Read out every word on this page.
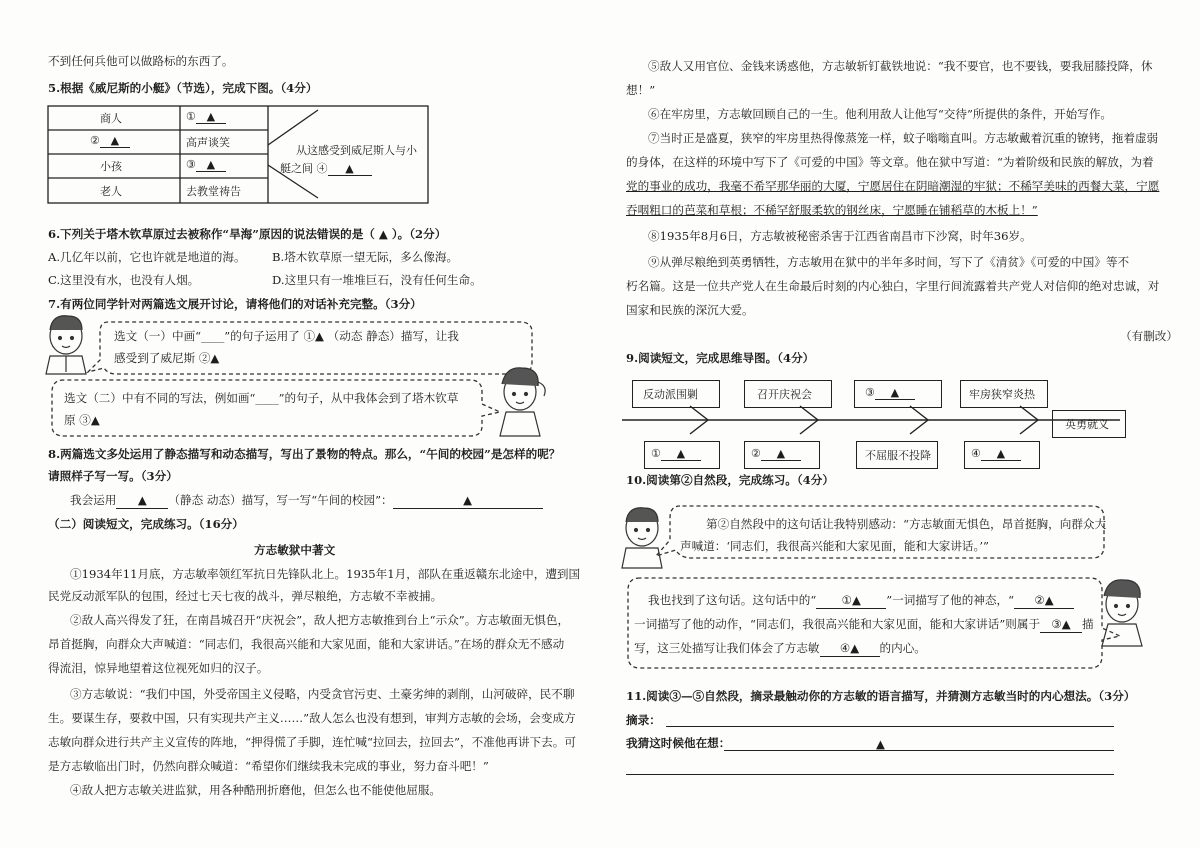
不到任何兵他可以做路标的东西了。
5.根据《威尼斯的小艇》（节选），完成下图。（4分）
商人	① ▲
② ▲	高声谈笑
小孩	③ ▲
老人	去教堂祷告
从这感受到威尼斯人与小
艇之间 ④ ▲
6.下列关于塔木钦草原过去被称作“旱海”原因的说法错误的是（ ▲ ）。（2分）
A.几亿年以前，它也许就是地道的海。 B.塔木钦草原一望无际，多么像海。
C.这里没有水，也没有人烟。	D.这里只有一堆堆巨石，没有任何生命。
7.有两位同学针对两篇选文展开讨论，请将他们的对话补充完整。（3分）
选文（一）中画“____”的句子运用了 ①▲ （动态 静态）描写，让我
感受到了威尼斯 ②▲
选文（二）中有不同的写法，例如画“____”的句子，从中我体会到了塔木钦草
原 ③▲
8.两篇选文多处运用了静态描写和动态描写，写出了景物的特点。那么，“午间的校园”是怎样的呢？
请照样子写一写。（3分）
我会运用 ▲ （静态 动态）描写，写一写“午间的校园”：	▲
（二）阅读短文，完成练习。（16分）
方志敏狱中著文
①1934年11月底，方志敏率领红军抗日先锋队北上。1935年1月，部队在重返赣东北途中，遭到国
民党反动派军队的包围，经过七天七夜的战斗，弹尽粮绝，方志敏不幸被捕。
②敌人高兴得发了狂，在南昌城召开“庆祝会”，敌人把方志敏推到台上“示众”。方志敏面无惧色，
昂首挺胸，向群众大声喊道：“同志们，我很高兴能和大家见面，能和大家讲话。”在场的群众无不感动
得流泪，惊异地望着这位视死如归的汉子。
③方志敏说：“我们中国，外受帝国主义侵略，内受贪官污吏、土豪劣绅的剥削，山河破碎，民不聊
生。要谋生存，要救中国，只有实现共产主义……”敌人怎么也没有想到，审判方志敏的会场，会变成方
志敏向群众进行共产主义宣传的阵地，“押得慌了手脚，连忙喊“拉回去，拉回去”，不准他再讲下去。可
是方志敏临出门时，仍然向群众喊道：“希望你们继续我未完成的事业，努力奋斗吧！”
④敌人把方志敏关进监狱，用各种酷刑折磨他，但怎么也不能使他屈服。
⑤敌人又用官位、金钱来诱惑他，方志敏斩钉截铁地说：“我不要官，也不要钱，要我屈膝投降，休
想！”
⑥在牢房里，方志敏回顾自己的一生。他利用敌人让他写“交待”所提供的条件，开始写作。
⑦当时正是盛夏，狭窄的牢房里热得像蒸笼一样，蚊子嗡嗡直叫。方志敏戴着沉重的镣铐，拖着虚弱
的身体，在这样的环境中写下了《可爱的中国》等文章。他在狱中写道：“为着阶级和民族的解放，为着
党的事业的成功，我毫不希罕那华丽的大厦，宁愿居住在阴暗潮湿的牢狱；不稀罕美味的西餐大菜，宁愿
吞咽粗口的芭菜和草根；不稀罕舒服柔软的钢丝床，宁愿睡在铺稻草的木板上！”
⑧1935年8月6日，方志敏被秘密杀害于江西省南昌市下沙窝，时年36岁。
⑨从弹尽粮绝到英勇牺牲，方志敏用在狱中的半年多时间，写下了《清贫》《可爱的中国》等不
朽名篇。这是一位共产党人在生命最后时刻的内心独白，字里行间流露着共产党人对信仰的绝对忠诚，对
国家和民族的深沉大爱。
（有删改）
9.阅读短文，完成思维导图。（4分）
反动派围剿	召开庆祝会	③ ▲	牢房狭窄炎热
① ▲	② ▲	不屈服不投降	④ ▲
英勇就义
10.阅读第②自然段，完成练习。（4分）
第②自然段中的这句话让我特别感动：“方志敏面无惧色，昂首挺胸，向群众大
声喊道：‘同志们，我很高兴能和大家见面，能和大家讲话。’”
我也找到了这句话。这句话中的“ ①▲ ”一词描写了他的神态，“ ②▲
一词描写了他的动作，“同志们，我很高兴能和大家见面，能和大家讲话”则属于 ③▲ 描
写，这三处描写让我们体会了方志敏 ④▲ 的内心。
11.阅读③—⑤自然段，摘录最触动你的方志敏的语言描写，并猜测方志敏当时的内心想法。（3分）
摘录：
我猜这时候他在想：	▲
